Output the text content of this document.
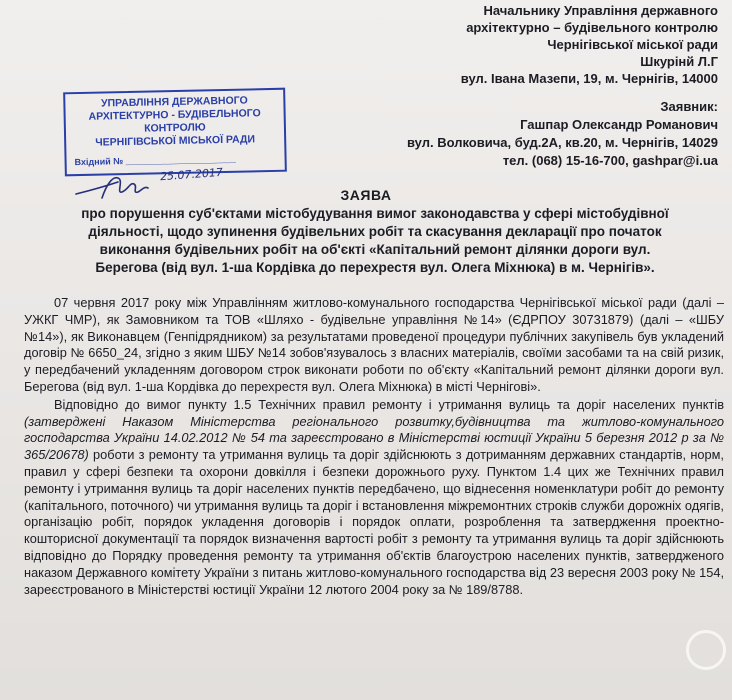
Начальнику Управління державного
архітектурно – будівельного контролю
Чернігівської міської ради
Шкурінй Л.Г
вул. Івана Мазепи, 19, м. Чернігів, 14000
УПРАВЛІННЯ ДЕРЖАВНОГО
АРХІТЕКТУРНО - БУДІВЕЛЬНОГО
КОНТРОЛЮ
ЧЕРНІГІВСЬКОЇ МІСЬКОЇ РАДИ
Вхідний № ______________________
25.07.2017
Заявник:
Гашпар Олександр Романович
вул. Волковича, буд.2А, кв.20, м. Чернігів, 14029
тел. (068) 15-16-700, gashpar@i.ua
ЗАЯВА
про порушення суб'єктами містобудування вимог законодавства у сфері містобудівної
діяльності, щодо зупинення будівельних робіт та скасування декларації про початок
виконання будівельних робіт на об'єкті «Капітальний ремонт ділянки дороги вул.
Берегова (від вул. 1-ша Кордівка до перехрестя вул. Олега Міхнюка) в м. Чернігів».

07 червня 2017 року між Управлінням житлово-комунального господарства Чернігівської міської ради (далі – УЖКГ ЧМР), як Замовником та ТОВ «Шляхо - будівельне управління №14» (ЄДРПОУ 30731879) (далі – «ШБУ №14»), як Виконавцем (Генпідрядником) за результатами проведеної процедури публічних закупівель був укладений договір № 6650_24, згідно з яким ШБУ №14 зобов'язувалось з власних матеріалів, своїми засобами та на свій ризик, у передбачений укладенням договором строк виконати роботи по об'єкту «Капітальний ремонт ділянки дороги вул. Берегова (від вул. 1-ша Кордівка до перехрестя вул. Олега Міхнюка) в місті Чернігові».

Відповідно до вимог пункту 1.5 Технічних правил ремонту і утримання вулиць та доріг населених пунктів (затверджені Наказом Міністерства регіонального розвитку,будівництва та житлово-комунального господарства України 14.02.2012 № 54 та зареєстровано в Міністерстві юстиції України 5 березня 2012 р за № 365/20678) роботи з ремонту та утримання вулиць та доріг здійснюють з дотриманням державних стандартів, норм, правил у сфері безпеки та охорони довкілля і безпеки дорожнього руху. Пунктом 1.4 цих же Технічних правил ремонту і утримання вулиць та доріг населених пунктів передбачено, що віднесення номенклатури робіт до ремонту (капітального, поточного) чи утримання вулиць та доріг і встановлення міжремонтних строків служби дорожніх одягів, організацію робіт, порядок укладення договорів і порядок оплати, розроблення та затвердження проектно-кошторисної документації та порядок визначення вартості робіт з ремонту та утримання вулиць та доріг здійснюють відповідно до Порядку проведення ремонту та утримання об'єктів благоустрою населених пунктів, затвердженого наказом Державного комітету України з питань житлово-комунального господарства від 23 вересня 2003 року № 154, зареєстрованого в Міністерстві юстиції України 12 лютого 2004 року за № 189/8788.
